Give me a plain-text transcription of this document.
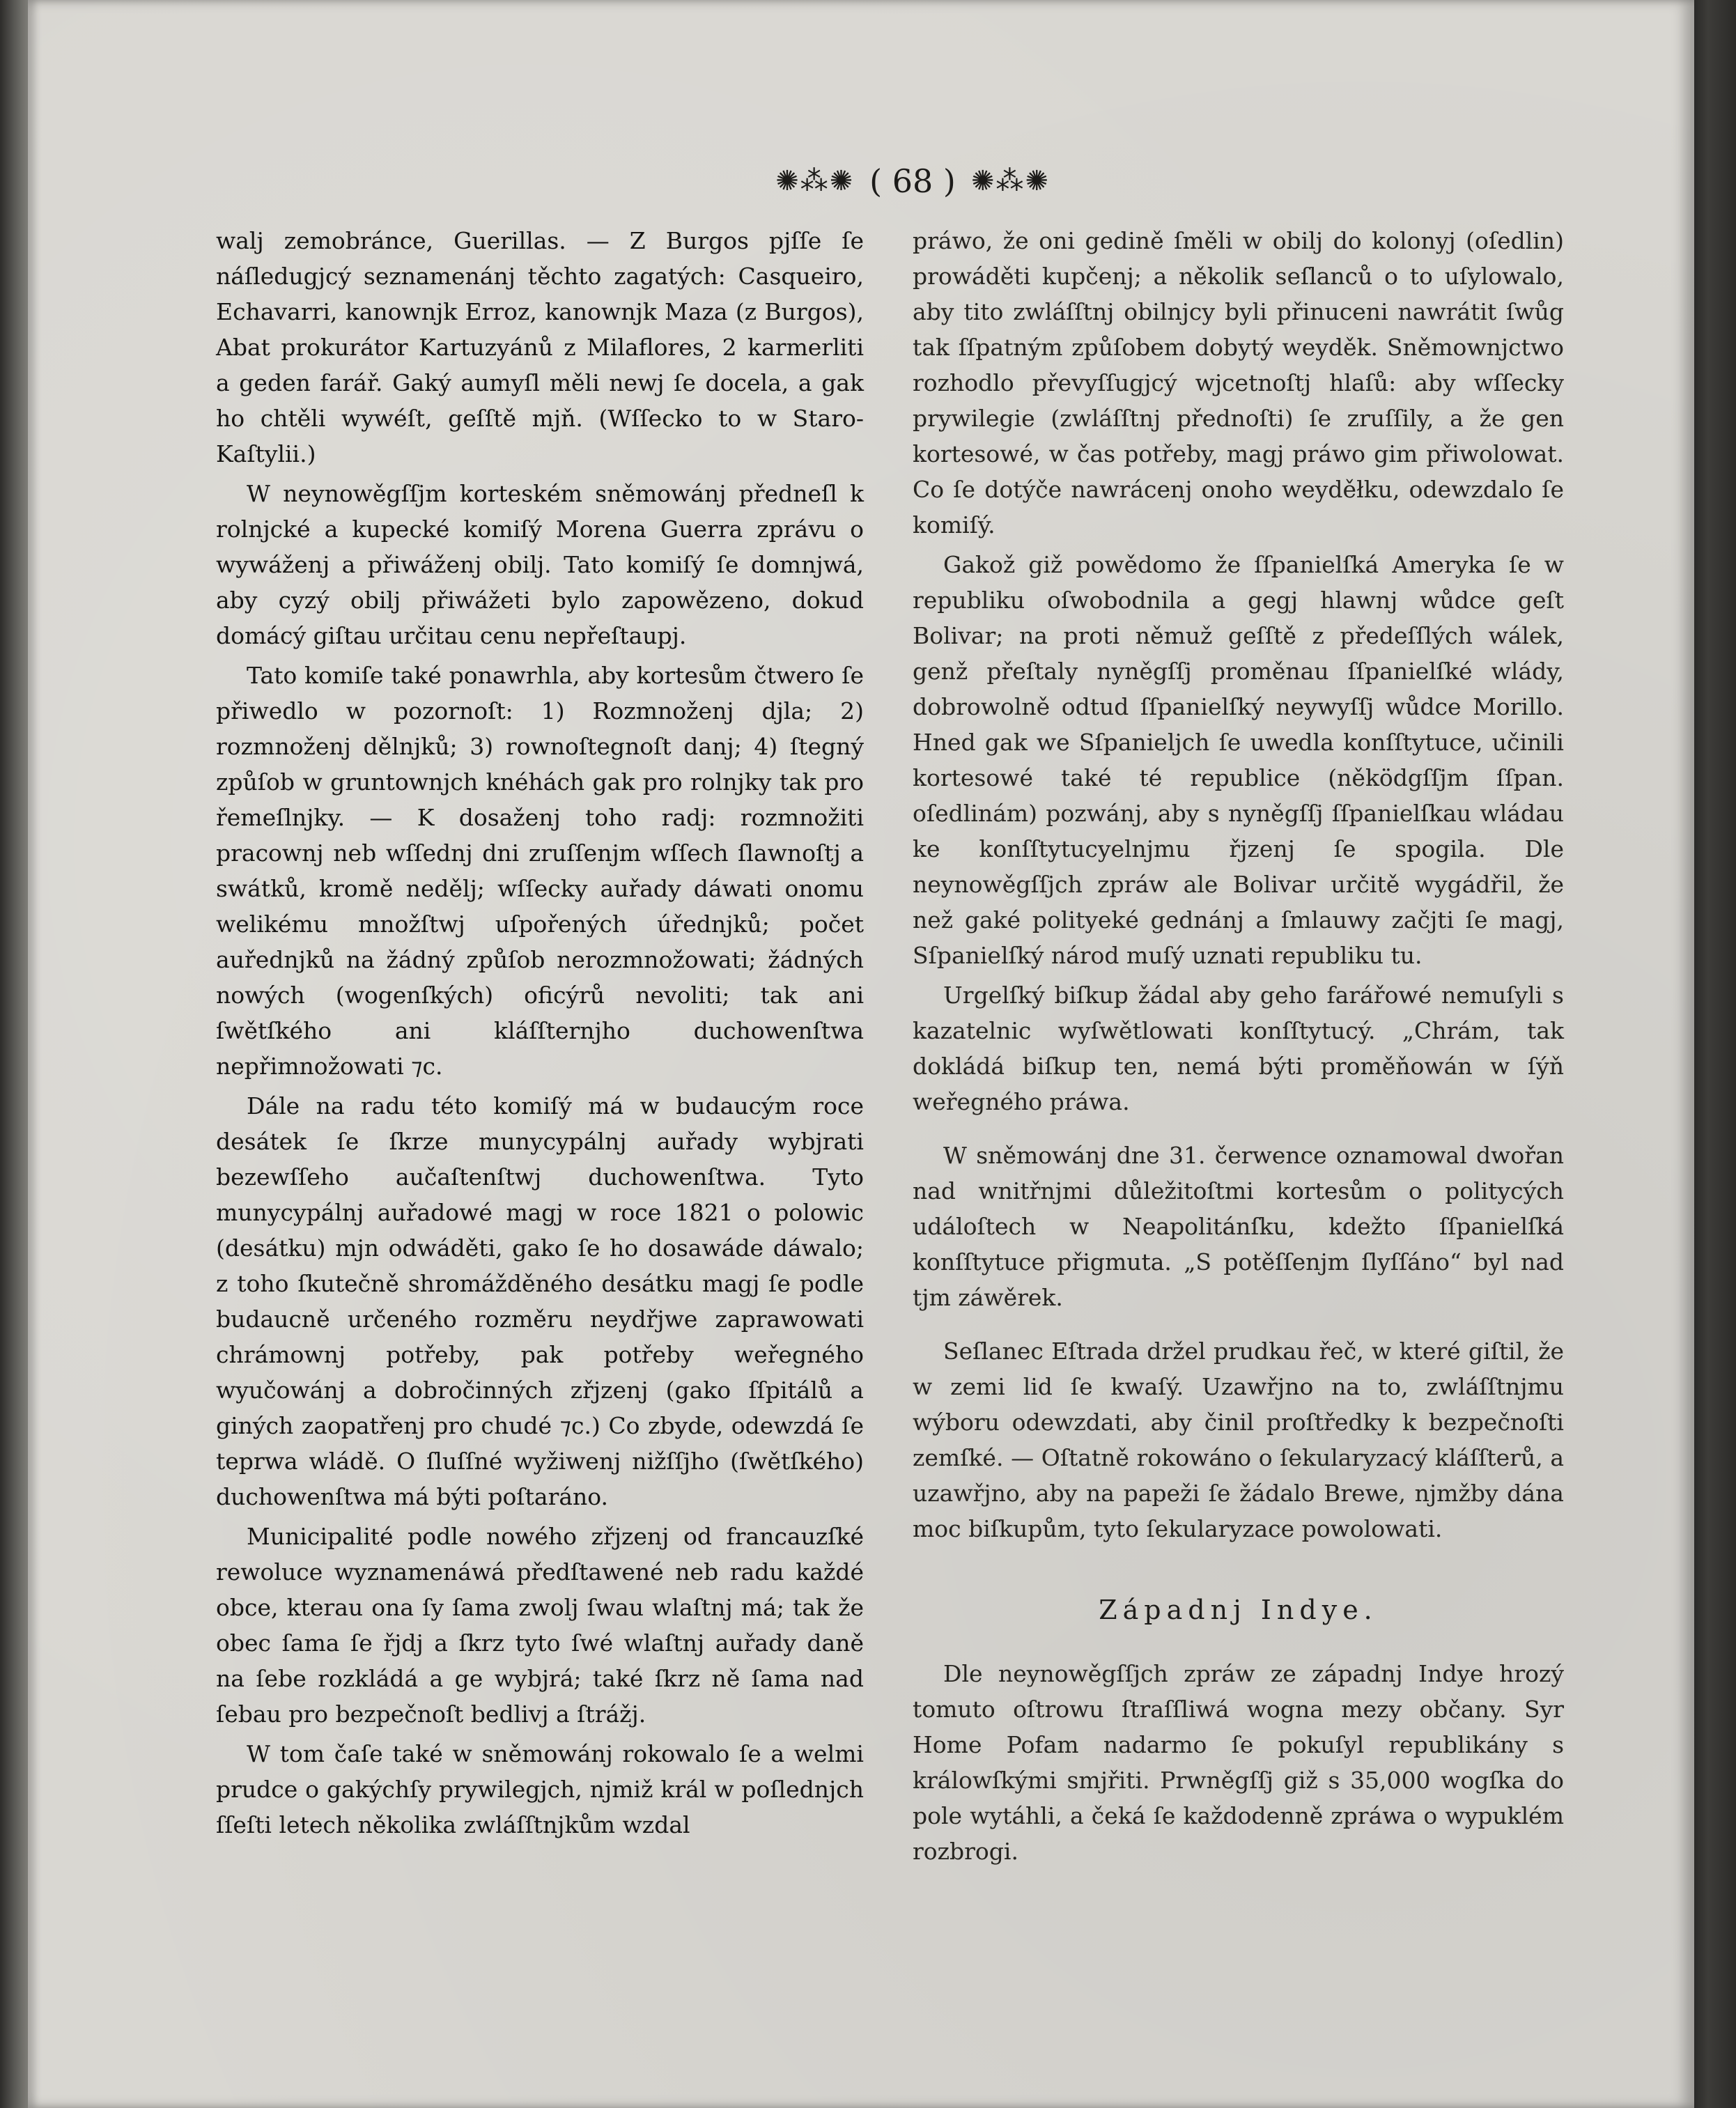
✺⁂✺ ( 68 ) ✺⁂✺

walj zemobránce, Guerillas. — Z Burgos pjſſe ſe náſledugjcý seznamenánj těchto zagatých: Casqueiro, Echavarri, kanownjk Erroz, kanownjk Maza (z Burgos), Abat prokurátor Kartuzyánů z Milaflores, 2 karmerliti a geden farář. Gaký aumyſl měli newj ſe docela, a gak ho chtěli wywéſt, geſſtě mjň. (Wſſecko to w Staro-Kaſtylii.)

W neynowěgſſjm korteském sněmowánj předneſl k rolnjcké a kupecké komiſý Morena Guerra zprávu o wywáženj a přiwáženj obilj. Tato komiſý ſe domnjwá, aby cyzý obilj přiwážeti bylo zapowězeno, dokud domácý giſtau určitau cenu nepřeſtaupj.

Tato komiſe také ponawrhla, aby kortesům čtwero ſe přiwedlo w pozornoſt: 1) Rozmnoženj djla; 2) rozmnoženj dělnjků; 3) rownoſtegnoſt danj; 4) ſtegný způſob w gruntownjch knéhách gak pro rolnjky tak pro řemeſlnjky. — K dosaženj toho radj: rozmnožiti pracownj neb wſſednj dni zruſſenjm wſſech ſlawnoſtj a swátků, kromě nedělj; wſſecky auřady dáwati onomu welikému množſtwj uſpořených úřednjků; počet auřednjků na žádný způſob nerozmnožowati; žádných nowých (wogenſkých) oficýrů nevoliti; tak ani ſwětſkého ani kláſſternjho duchowenſtwa nepřimnožowati ⁊c.

Dále na radu této komiſý má w budaucým roce desátek ſe ſkrze munycypálnj auřady wybjrati bezewſſeho aučaſtenſtwj duchowenſtwa. Tyto munycypálnj auřadowé magj w roce 1821 o polowic (desátku) mjn odwáděti, gako ſe ho dosawáde dáwalo; z toho ſkutečně shromážděného desátku magj ſe podle budaucně určeného rozměru neydřjwe zaprawowati chrámownj potřeby, pak potřeby weřegného wyučowánj a dobročinných zřjzenj (gako ſſpitálů a giných zaopatřenj pro chudé ⁊c.) Co zbyde, odewzdá ſe teprwa wládě. O ſluſſné wyžiwenj nižſſjho (ſwětſkého) duchowenſtwa má býti poſtaráno.

Municipalité podle nowého zřjzenj od francauzſké rewoluce wyznamenáwá předſtawené neb radu každé obce, kterau ona ſy ſama zwolj ſwau wlaſtnj má; tak že obec ſama ſe řjdj a ſkrz tyto ſwé wlaſtnj auřady daně na ſebe rozkládá a ge wybjrá; také ſkrz ně ſama nad ſebau pro bezpečnoſt bedlivj a ſtrážj.

W tom čaſe také w sněmowánj rokowalo ſe a welmi prudce o gakýchſy prywilegjch, njmiž král w poſlednjch ſſeſti letech několika zwláſſtnjkům wzdal

práwo, že oni gedině ſměli w obilj do kolonyj (oſedlin) prowáděti kupčenj; a několik seſlanců o to uſylowalo, aby tito zwláſſtnj obilnjcy byli přinuceni nawrátit ſwůg tak ſſpatným způſobem dobytý weyděk. Sněmownjctwo rozhodlo převyſſugjcý wjcetnoſtj hlaſů: aby wſſecky prywilegie (zwláſſtnj přednoſti) ſe zruſſily, a že gen kortesowé, w čas potřeby, magj práwo gim přiwolowat. Co ſe dotýče nawrácenj onoho weyděłku, odewzdalo ſe komiſý.

Gakož giž powědomo že ſſpanielſká Ameryka ſe w republiku oſwobodnila a gegj hlawnj wůdce geſt Bolivar; na proti němuž geſſtě z předeſſlých wálek, genž přeſtaly nyněgſſj proměnau ſſpanielſké wlády, dobrowolně odtud ſſpanielſký neywyſſj wůdce Morillo. Hned gak we Sſpanieljch ſe uwedla konſſtytuce, učinili kortesowé také té republice (něködgſſjm ſſpan. oſedlinám) pozwánj, aby s nyněgſſj ſſpanielſkau wládau ke konſſtytucyelnjmu řjzenj ſe spogila. Dle neynowěgſſjch zpráw ale Bolivar určitě wygádřil, že než gaké polityeké gednánj a ſmlauwy začjti ſe magj, Sſpanielſký národ muſý uznati republiku tu.

Urgelſký biſkup žádal aby geho farářowé nemuſyli s kazatelnic wyſwětlowati konſſtytucý. „Chrám, tak dokládá biſkup ten, nemá býti proměňowán w ſýň weřegného práwa.

W sněmowánj dne 31. čerwence oznamowal dwořan nad wnitřnjmi důležitoſtmi kortesům o politycých událoſtech w Neapolitánſku, kdežto ſſpanielſká konſſtytuce přigmuta. „S potěſſenjm ſlyſſáno“ byl nad tjm záwěrek.

Seſlanec Eſtrada držel prudkau řeč, w které giſtil, že w zemi lid ſe kwaſý. Uzawřjno na to, zwláſſtnjmu wýboru odewzdati, aby činil proſtředky k bezpečnoſti zemſké. — Oſtatně rokowáno o ſekularyzacý kláſſterů, a uzawřjno, aby na papeži ſe žádalo Brewe, njmžby dána moc biſkupům, tyto ſekularyzace powolowati.

Západnj Indye.

Dle neynowěgſſjch zpráw ze západnj Indye hrozý tomuto oſtrowu ſtraſſliwá wogna mezy občany. Syr Home Pofam nadarmo ſe pokuſyl republikány s králowſkými smjřiti. Prwněgſſj giž s 35,000 wogſka do pole wytáhli, a čeká ſe každodenně zpráwa o wypuklém rozbrogi.
